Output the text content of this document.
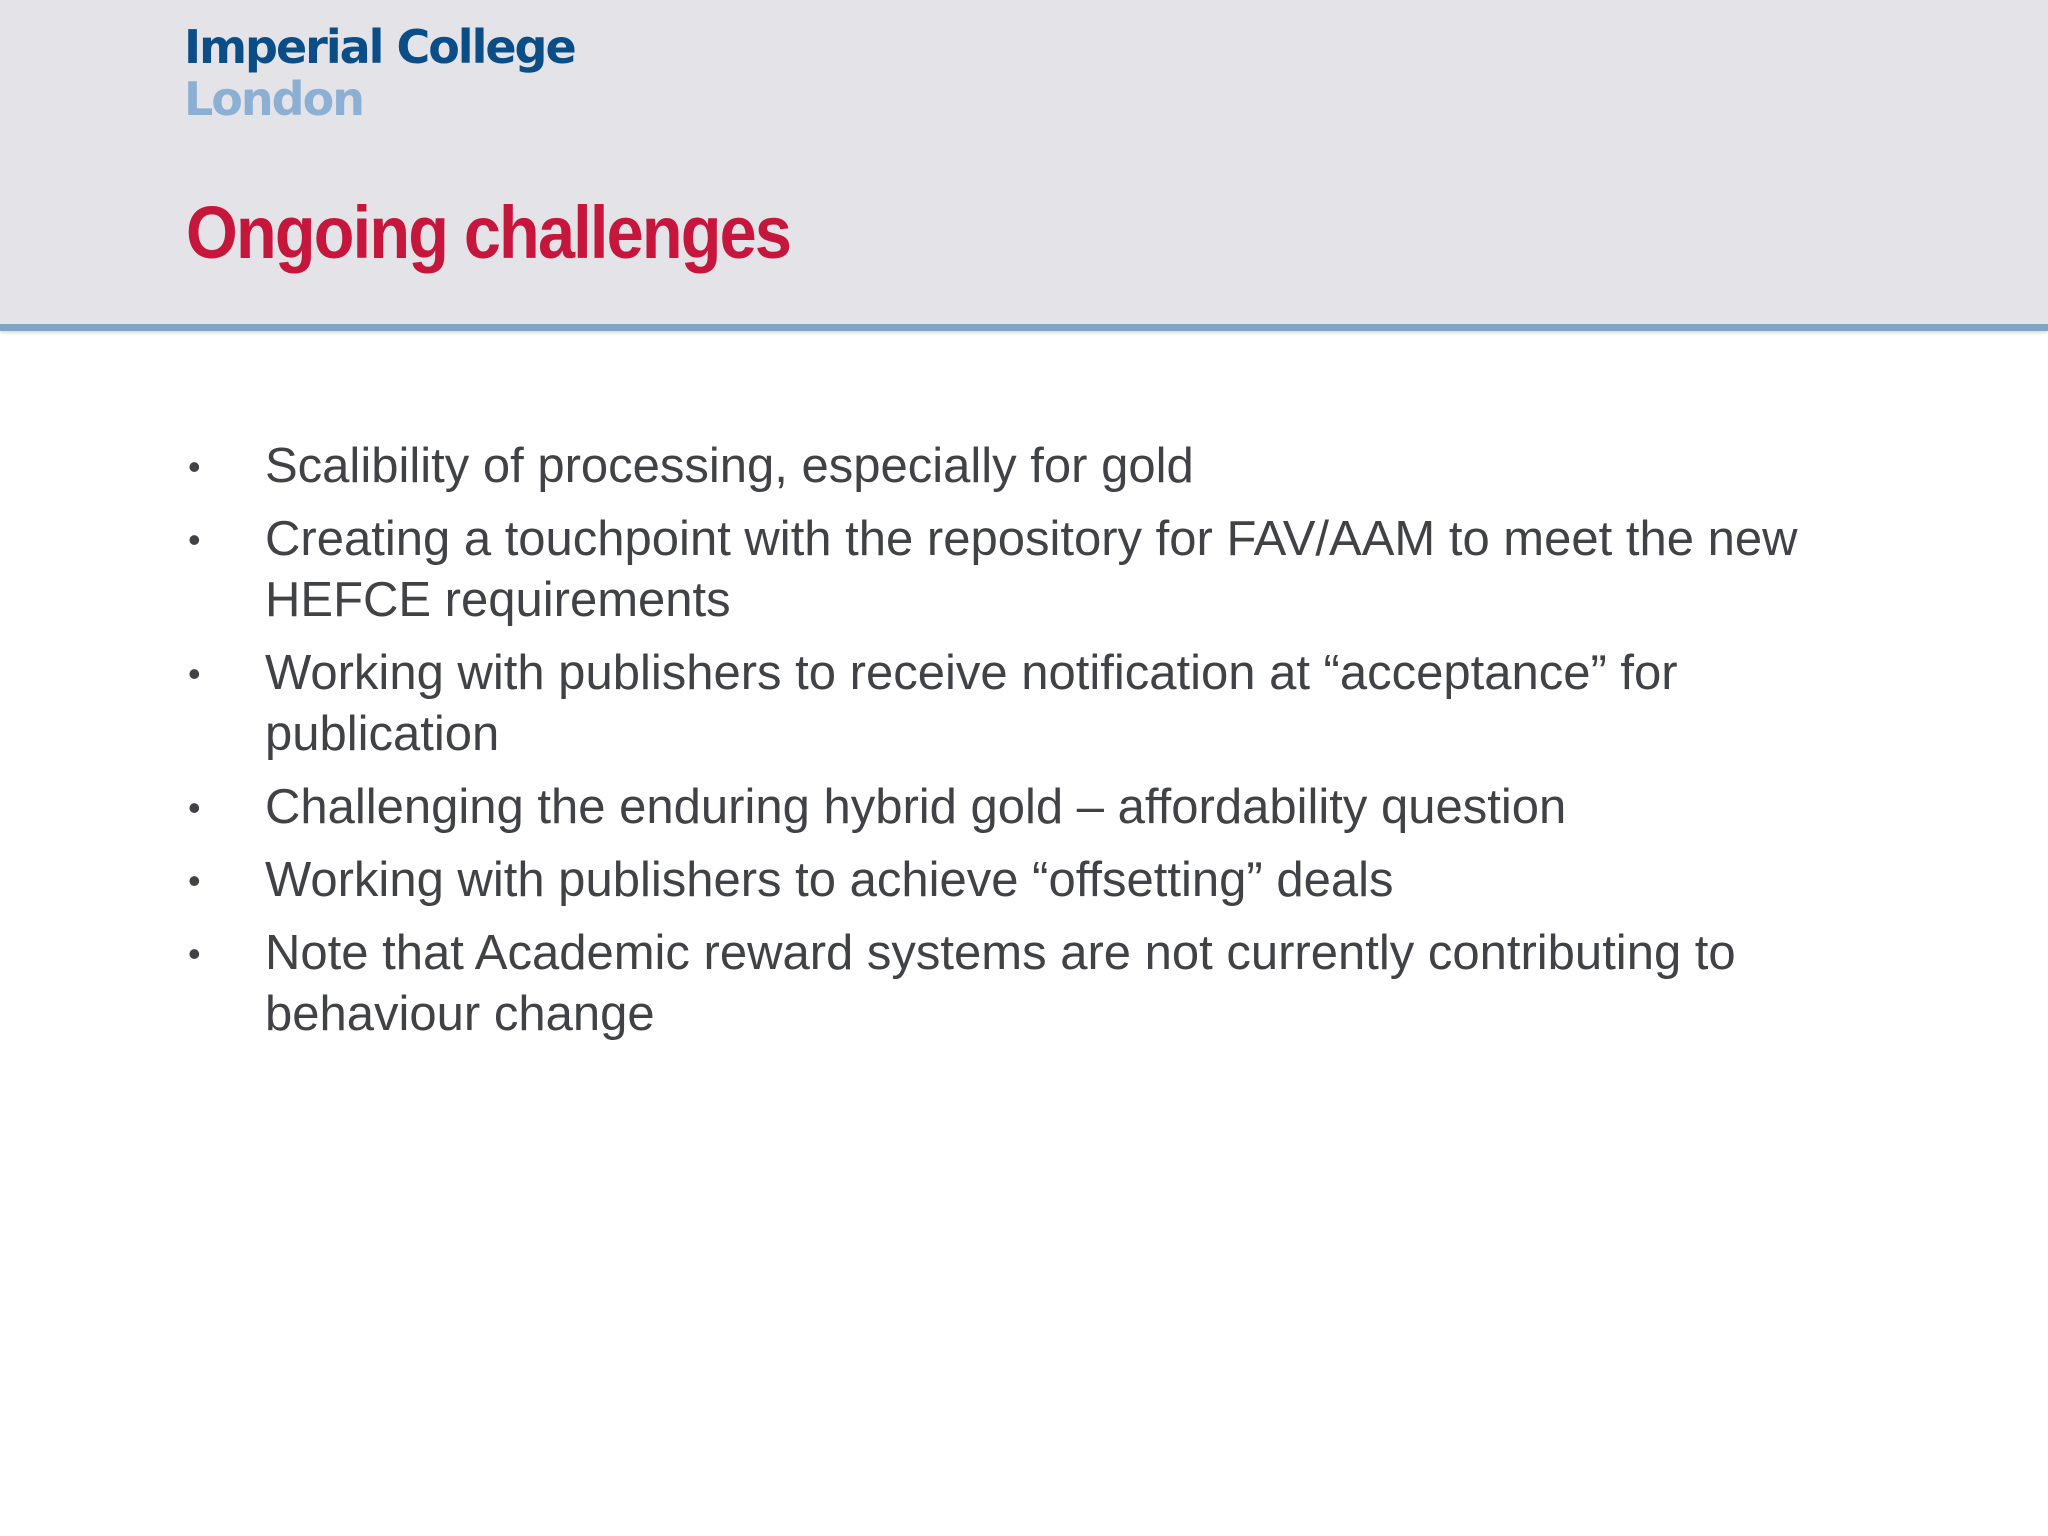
Imperial College
London
Ongoing challenges
• Scalibility of processing, especially for gold
• Creating a touchpoint with the repository for FAV/AAM to meet the new HEFCE requirements
• Working with publishers to receive notification at “acceptance” for publication
• Challenging the enduring hybrid gold – affordability question
• Working with publishers to achieve “offsetting” deals
• Note that Academic reward systems are not currently contributing to behaviour change
